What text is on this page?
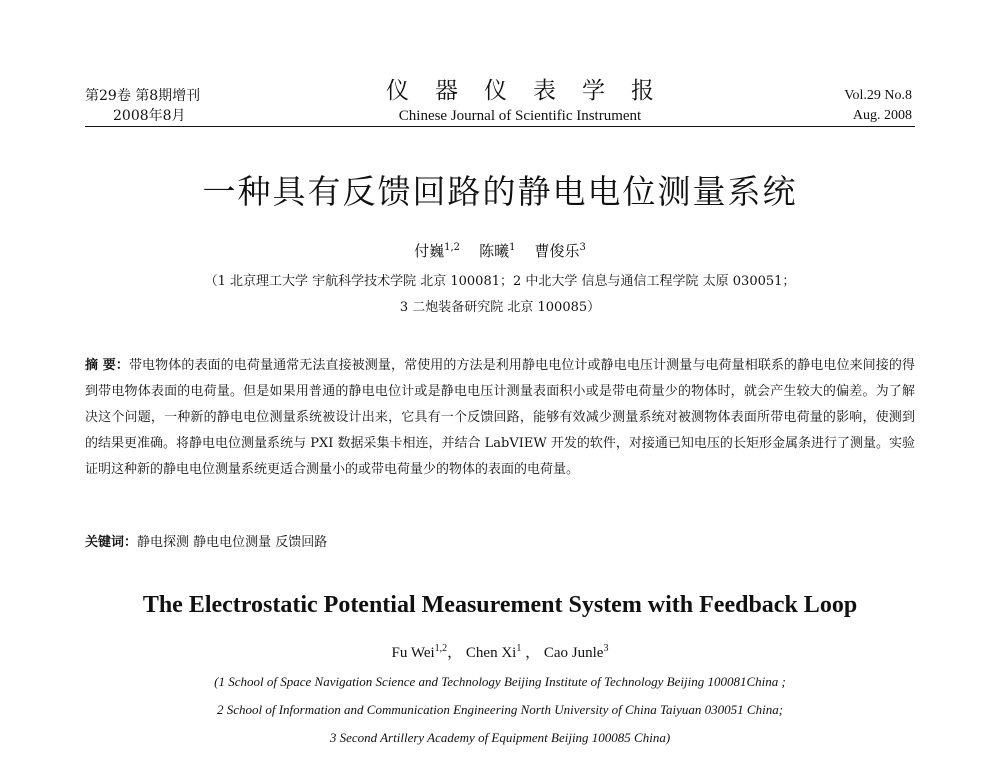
第29卷 第8期增刊
2008年8月
仪器仪表学报
Chinese Journal of Scientific Instrument
Vol.29 No.8
Aug. 2008
一种具有反馈回路的静电电位测量系统
付巍$^{1,2}$ 陈曦$^1$ 曹俊乐$^3$
（1 北京理工大学 宇航科学技术学院 北京 100081；2 中北大学 信息与通信工程学院 太原 030051；
3 二炮装备研究院 北京 100085）
摘 要：带电物体的表面的电荷量通常无法直接被测量，常使用的方法是利用静电电位计或静电电压计测量与电荷量相联系的静电电位来间接的得到带电物体表面的电荷量。但是如果用普通的静电电位计或是静电电压计测量表面积小或是带电荷量少的物体时，就会产生较大的偏差。为了解决这个问题，一种新的静电电位测量系统被设计出来，它具有一个反馈回路，能够有效减少测量系统对被测物体表面所带电荷量的影响，使测到的结果更准确。将静电电位测量系统与 PXI 数据采集卡相连，并结合 LabVIEW 开发的软件，对接通已知电压的长矩形金属条进行了测量。实验证明这种新的静电电位测量系统更适合测量小的或带电荷量少的物体的表面的电荷量。
关键词：静电探测 静电电位测量 反馈回路
The Electrostatic Potential Measurement System with Feedback Loop
Fu Wei$^{1,2}$， Chen Xi$^1$ ， Cao Junle$^3$
(1 School of Space Navigation Science and Technology Beijing Institute of Technology Beijing 100081China ;
2 School of Information and Communication Engineering North University of China Taiyuan 030051 China;
3 Second Artillery Academy of Equipment Beijing 100085 China)
